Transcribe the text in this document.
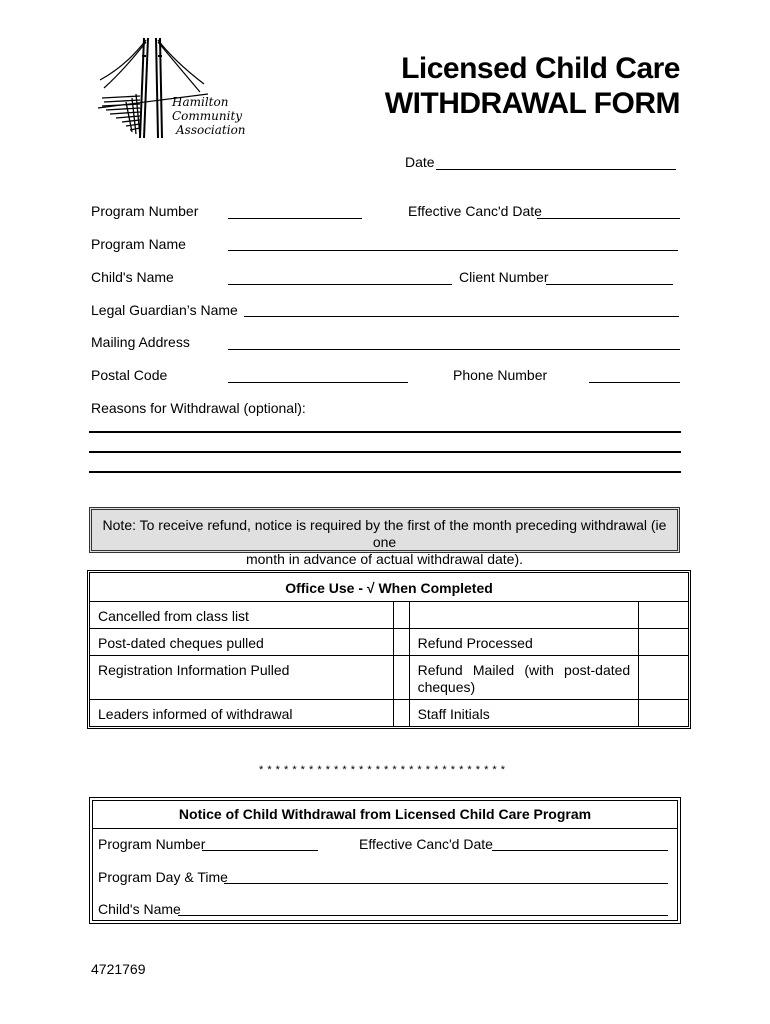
Hamilton
Community
Association
Licensed Child Care
WITHDRAWAL FORM
Date
Program Number	Effective Canc'd Date
Program Name
Child's Name	Client Number
Legal Guardian’s Name
Mailing Address
Postal Code	Phone Number
Reasons for Withdrawal (optional):
Note: To receive refund, notice is required by the first of the month preceding withdrawal (ie one
month in advance of actual withdrawal date).
Office Use - √ When Completed			
Cancelled from class list			
Post-dated cheques pulled		Refund Processed	
Registration Information Pulled		Refund Mailed (with post-dated cheques)	
Leaders informed of withdrawal		Staff Initials	
* * * * * * * * * * * * * * * * * * * * * * * * * * * * * *
Notice of Child Withdrawal from Licensed Child Care Program
Program Number	Effective Canc'd Date
Program Day & Time
Child's Name
4721769
